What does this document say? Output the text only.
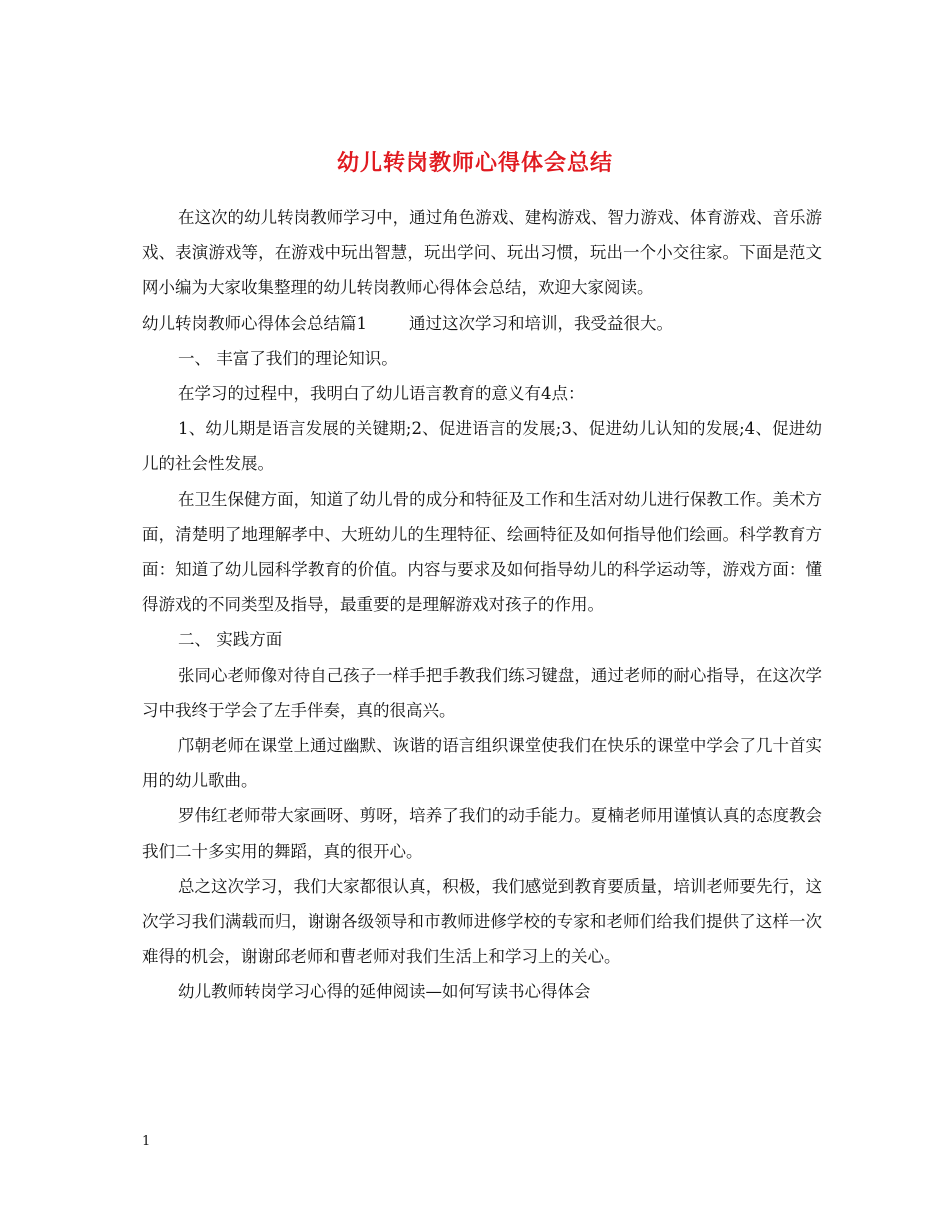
幼儿转岗教师心得体会总结

在这次的幼儿转岗教师学习中，通过角色游戏、建构游戏、智力游戏、体育游戏、音乐游戏、表演游戏等，在游戏中玩出智慧，玩出学问、玩出习惯，玩出一个小交往家。下面是范文网小编为大家收集整理的幼儿转岗教师心得体会总结，欢迎大家阅读。

幼儿转岗教师心得体会总结篇1	通过这次学习和培训，我受益很大。

一、 丰富了我们的理论知识。

在学习的过程中，我明白了幼儿语言教育的意义有4点：

1、幼儿期是语言发展的关键期;2、促进语言的发展;3、促进幼儿认知的发展;4、促进幼儿的社会性发展。

在卫生保健方面，知道了幼儿骨的成分和特征及工作和生活对幼儿进行保教工作。美术方面，清楚明了地理解孝中、大班幼儿的生理特征、绘画特征及如何指导他们绘画。科学教育方面：知道了幼儿园科学教育的价值。内容与要求及如何指导幼儿的科学运动等，游戏方面：懂得游戏的不同类型及指导，最重要的是理解游戏对孩子的作用。

二、 实践方面

张同心老师像对待自己孩子一样手把手教我们练习键盘，通过老师的耐心指导，在这次学习中我终于学会了左手伴奏，真的很高兴。

邝朝老师在课堂上通过幽默、诙谐的语言组织课堂使我们在快乐的课堂中学会了几十首实用的幼儿歌曲。

罗伟红老师带大家画呀、剪呀，培养了我们的动手能力。夏楠老师用谨慎认真的态度教会我们二十多实用的舞蹈，真的很开心。

总之这次学习，我们大家都很认真，积极，我们感觉到教育要质量，培训老师要先行，这次学习我们满载而归，谢谢各级领导和市教师进修学校的专家和老师们给我们提供了这样一次难得的机会，谢谢邱老师和曹老师对我们生活上和学习上的关心。

幼儿教师转岗学习心得的延伸阅读—如何写读书心得体会

1
